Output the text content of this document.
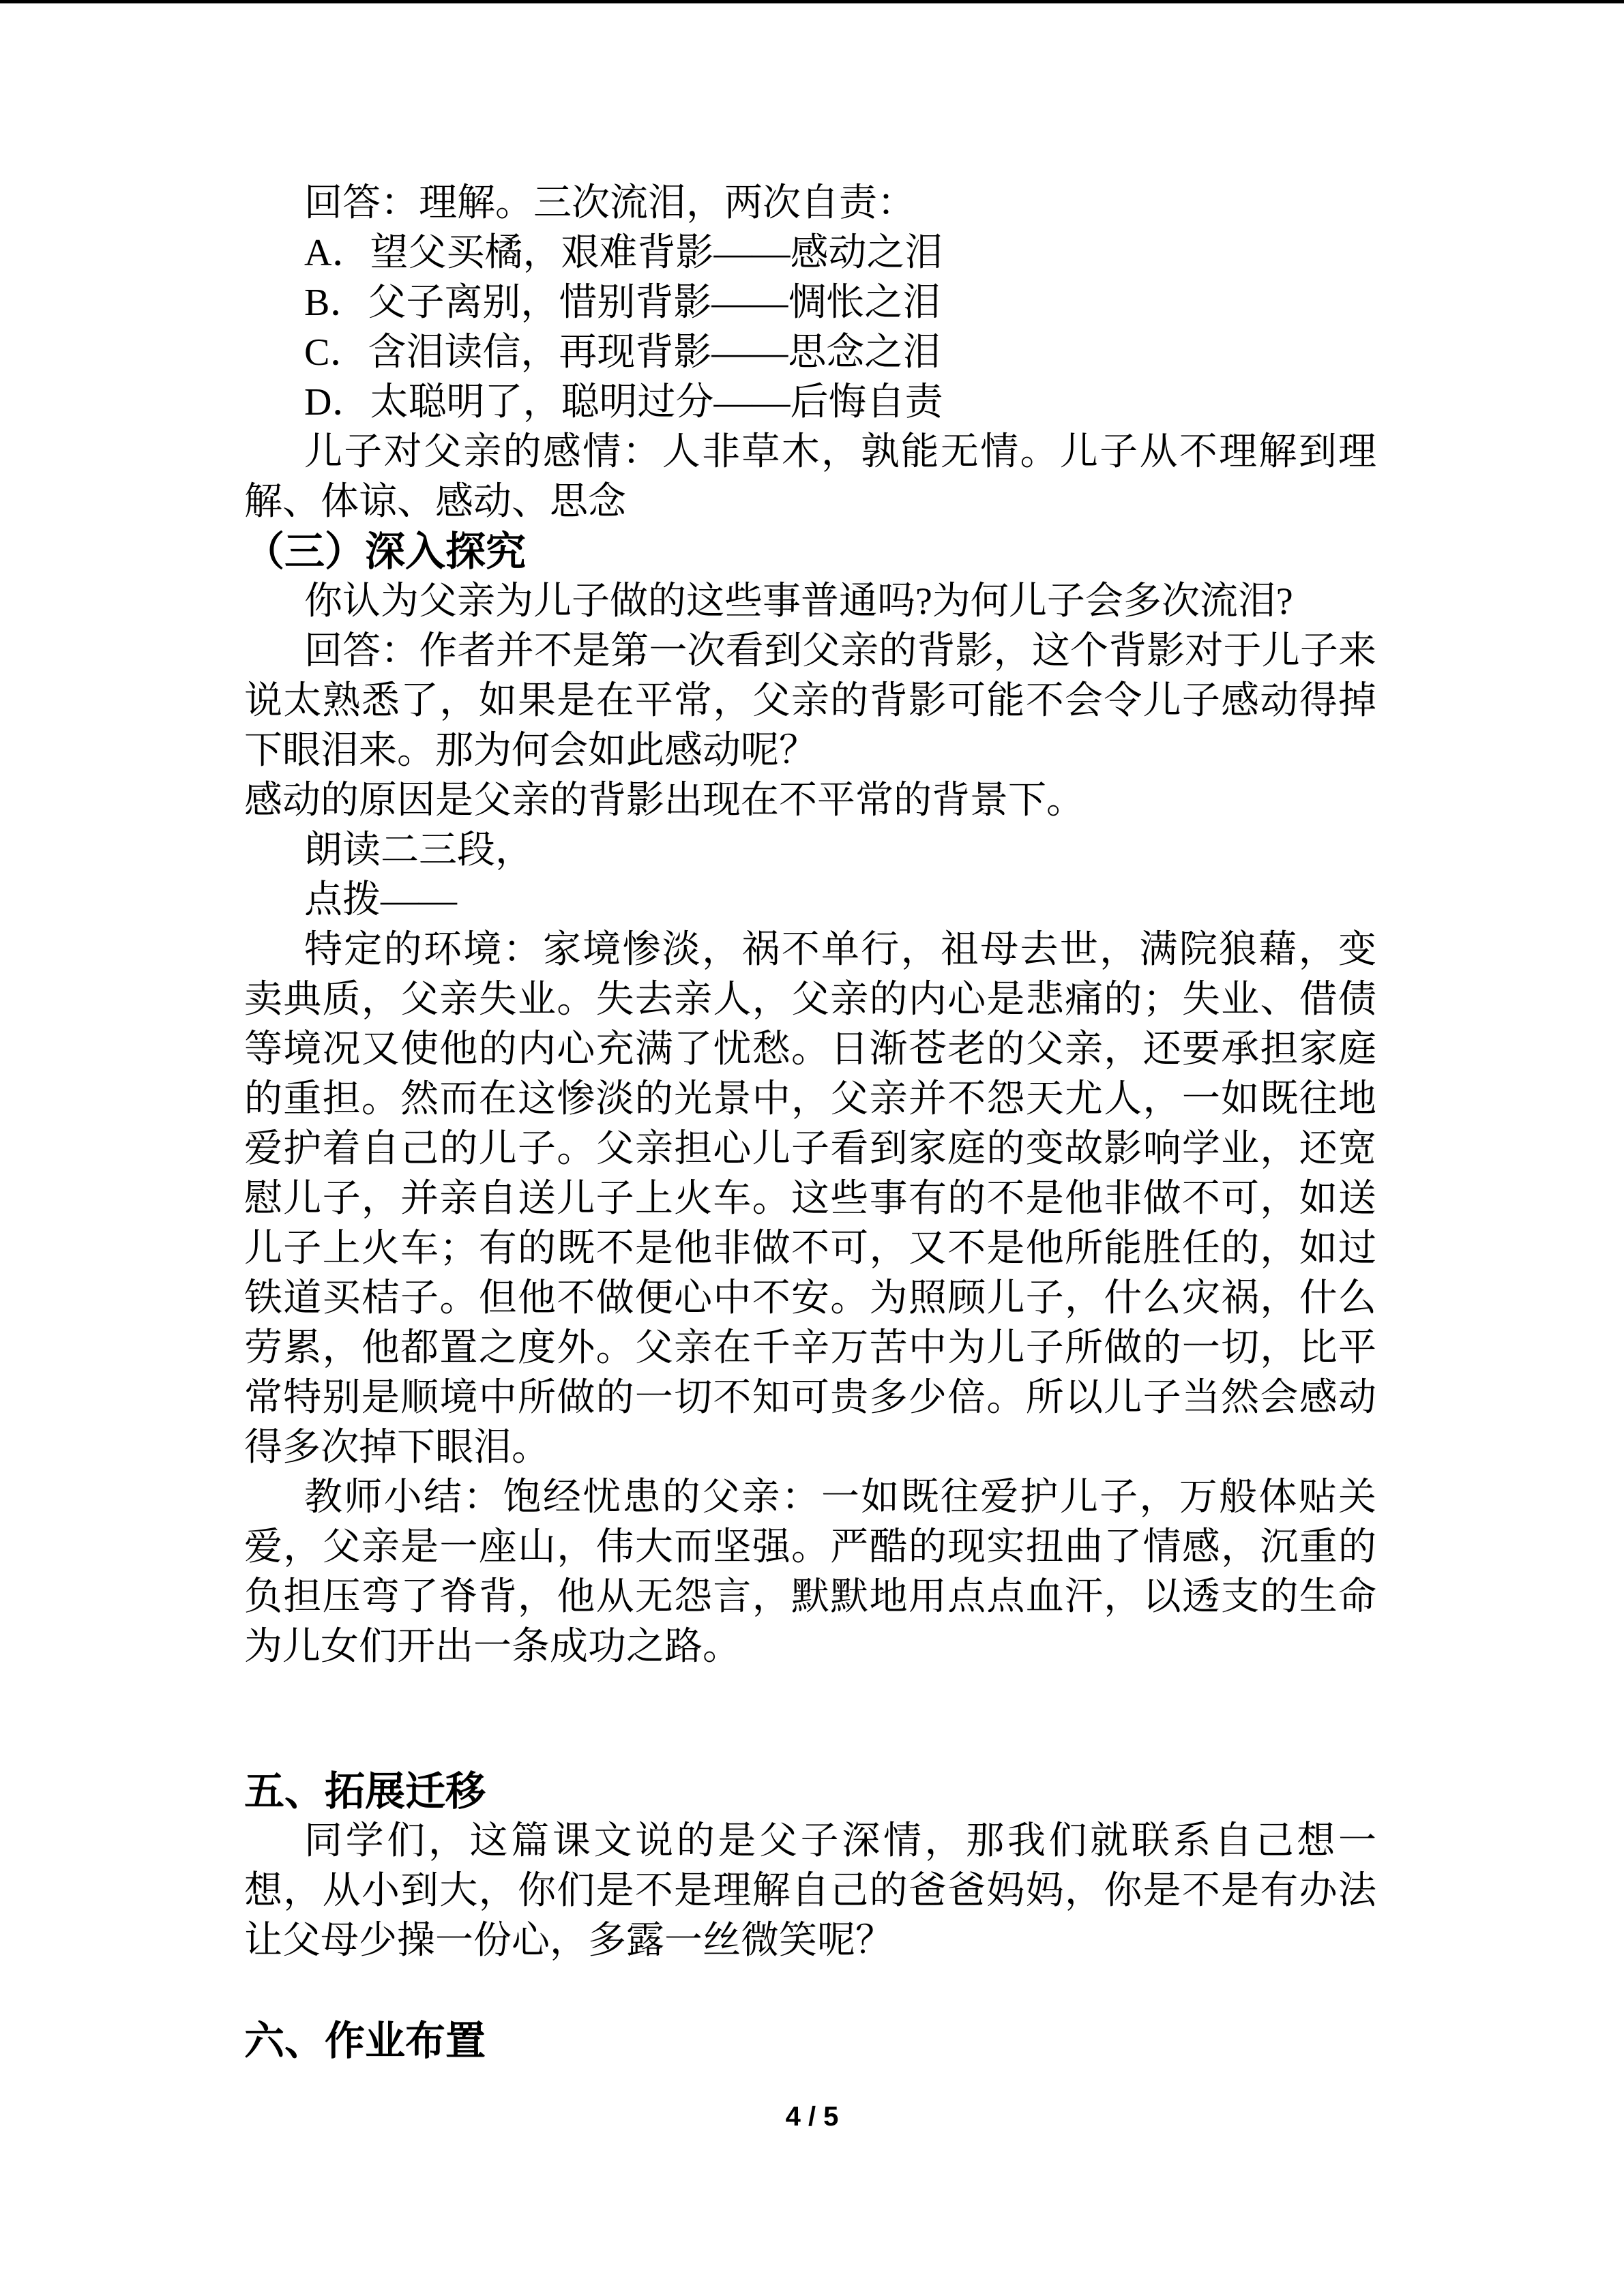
回答：理解。三次流泪，两次自责：
A．望父买橘，艰难背影——感动之泪
B．父子离别，惜别背影——惆怅之泪
C．含泪读信，再现背影——思念之泪
D．太聪明了，聪明过分——后悔自责
儿子对父亲的感情：人非草木，孰能无情。儿子从不理解到理
解、体谅、感动、思念
（三）深入探究
你认为父亲为儿子做的这些事普通吗?为何儿子会多次流泪?
回答：作者并不是第一次看到父亲的背影，这个背影对于儿子来
说太熟悉了，如果是在平常，父亲的背影可能不会令儿子感动得掉
下眼泪来。那为何会如此感动呢？
感动的原因是父亲的背影出现在不平常的背景下。
朗读二三段，
点拨——
特定的环境：家境惨淡，祸不单行，祖母去世，满院狼藉，变
卖典质，父亲失业。失去亲人，父亲的内心是悲痛的；失业、借债
等境况又使他的内心充满了忧愁。日渐苍老的父亲，还要承担家庭
的重担。然而在这惨淡的光景中，父亲并不怨天尤人，一如既往地
爱护着自己的儿子。父亲担心儿子看到家庭的变故影响学业，还宽
慰儿子，并亲自送儿子上火车。这些事有的不是他非做不可，如送
儿子上火车；有的既不是他非做不可，又不是他所能胜任的，如过
铁道买桔子。但他不做便心中不安。为照顾儿子，什么灾祸，什么
劳累，他都置之度外。父亲在千辛万苦中为儿子所做的一切，比平
常特别是顺境中所做的一切不知可贵多少倍。所以儿子当然会感动
得多次掉下眼泪。
教师小结：饱经忧患的父亲：一如既往爱护儿子，万般体贴关
爱，父亲是一座山，伟大而坚强。严酷的现实扭曲了情感，沉重的
负担压弯了脊背，他从无怨言，默默地用点点血汗，以透支的生命
为儿女们开出一条成功之路。
五、拓展迁移
同学们，这篇课文说的是父子深情，那我们就联系自己想一
想，从小到大，你们是不是理解自己的爸爸妈妈，你是不是有办法
让父母少操一份心，多露一丝微笑呢？
六、作业布置
4 / 5
